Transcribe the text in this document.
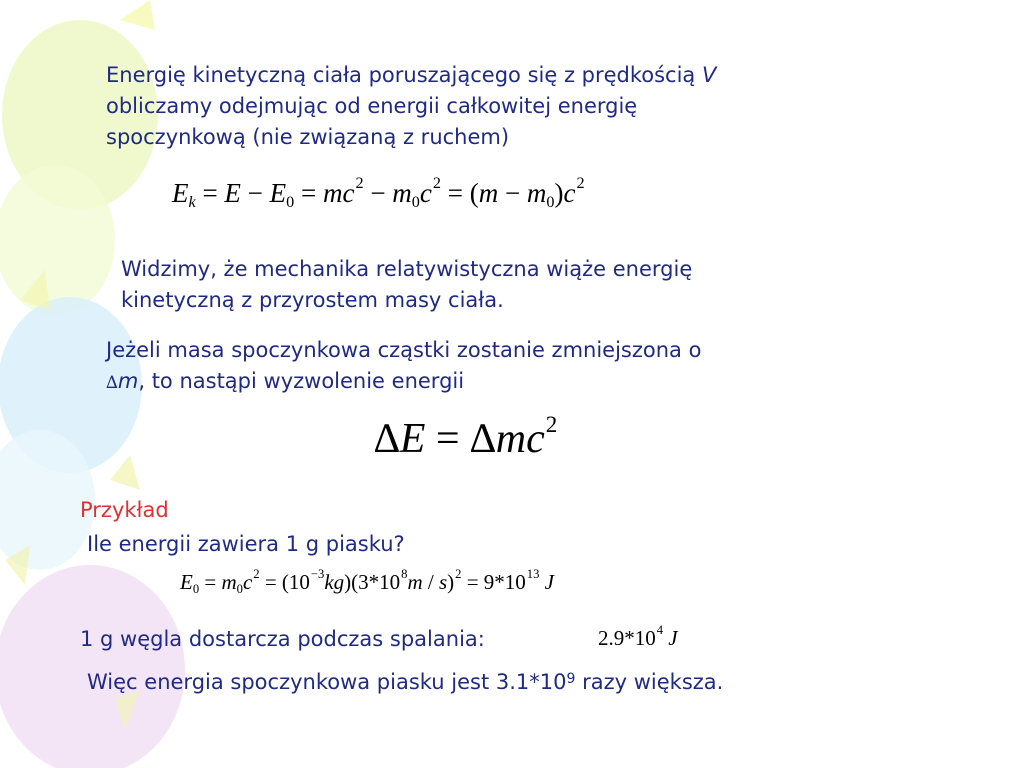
Energię kinetyczną ciała poruszającego się z prędkością V
obliczamy odejmując od energii całkowitej energię
spoczynkową (nie związaną z ruchem)
$E_k = E - E_0 = mc^2 - m_0c^2 = (m - m_0)c^2$
Widzimy, że mechanika relatywistyczna wiąże energię
kinetyczną z przyrostem masy ciała.
Jeżeli masa spoczynkowa cząstki zostanie zmniejszona o
∆m, to nastąpi wyzwolenie energii
$\Delta E = \Delta mc^2$
Przykład
Ile energii zawiera 1 g piasku?
$E_0 = m_0c^2 = (10^{-3}kg)(3*10^8m / s)^2 = 9*10^{13}$ J
1 g węgla dostarcza podczas spalania:	$2.9*10^4$ J
Więc energia spoczynkowa piasku jest $3.1*10^9$ razy większa.
